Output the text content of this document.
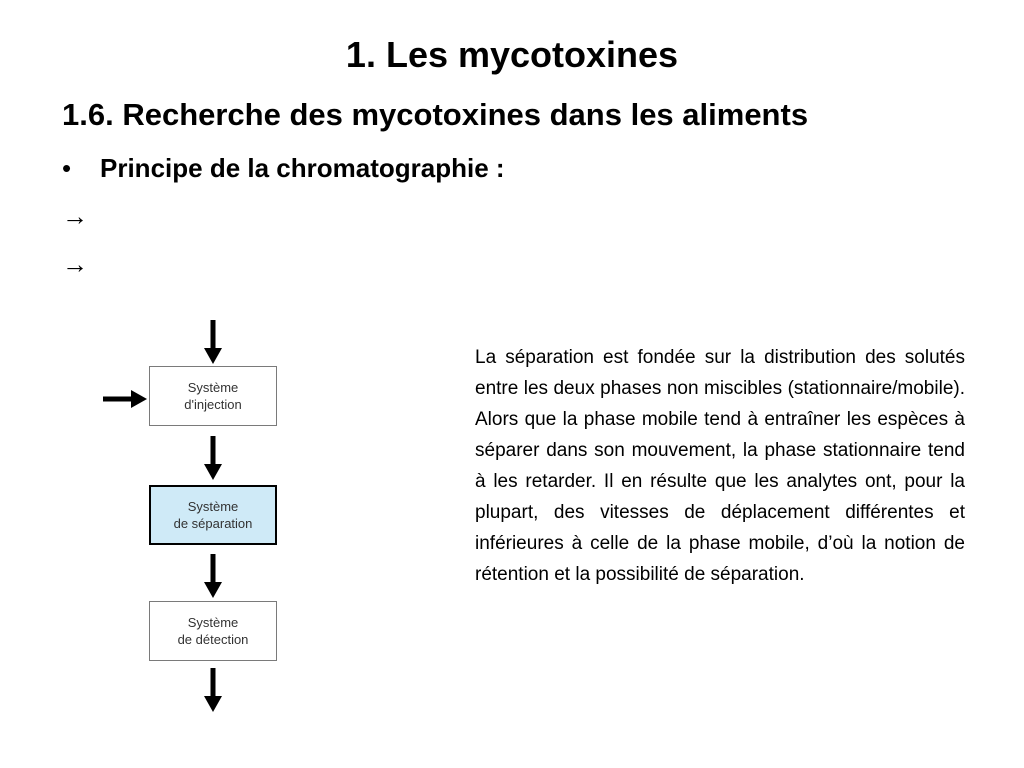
1. Les mycotoxines
1.6. Recherche des mycotoxines dans les aliments
• Principe de la chromatographie :
→
→
Système
d'injection
Système
de séparation
Système
de détection

La séparation est fondée sur la distribution des solutés entre les deux phases non miscibles (stationnaire/mobile). Alors que la phase mobile tend à entraîner les espèces à séparer dans son mouvement, la phase stationnaire tend à les retarder. Il en résulte que les analytes ont, pour la plupart, des vitesses de déplacement différentes et inférieures à celle de la phase mobile, d’où la notion de rétention et la possibilité de séparation.
